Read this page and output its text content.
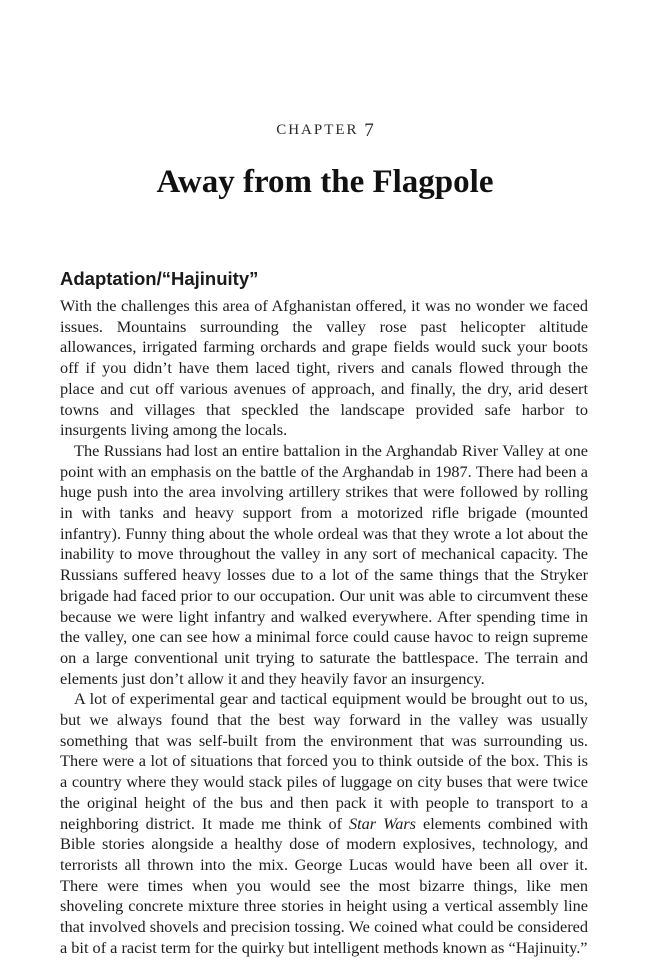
CHAPTER 7
Away from the Flagpole
Adaptation/“Hajinuity”

With the challenges this area of Afghanistan offered, it was no wonder we faced issues. Mountains surrounding the valley rose past helicopter altitude allowances, irrigated farming orchards and grape fields would suck your boots off if you didn’t have them laced tight, rivers and canals flowed through the place and cut off various avenues of approach, and finally, the dry, arid desert towns and villages that speckled the landscape provided safe harbor to insurgents living among the locals.

The Russians had lost an entire battalion in the Arghandab River Valley at one point with an emphasis on the battle of the Arghandab in 1987. There had been a huge push into the area involving artillery strikes that were followed by rolling in with tanks and heavy support from a motorized rifle brigade (mounted infantry). Funny thing about the whole ordeal was that they wrote a lot about the inability to move throughout the valley in any sort of mechanical capacity. The Russians suffered heavy losses due to a lot of the same things that the Stryker brigade had faced prior to our occupation. Our unit was able to circumvent these because we were light infantry and walked everywhere. After spending time in the valley, one can see how a minimal force could cause havoc to reign supreme on a large conventional unit trying to saturate the battlespace. The terrain and elements just don’t allow it and they heavily favor an insurgency.

A lot of experimental gear and tactical equipment would be brought out to us, but we always found that the best way forward in the valley was usually something that was self-built from the environment that was surrounding us. There were a lot of situations that forced you to think outside of the box. This is a country where they would stack piles of luggage on city buses that were twice the original height of the bus and then pack it with people to transport to a neighboring district. It made me think of Star Wars elements combined with Bible stories alongside a healthy dose of modern explosives, technology, and terrorists all thrown into the mix. George Lucas would have been all over it. There were times when you would see the most bizarre things, like men shoveling concrete mixture three stories in height using a vertical assembly line that involved shovels and precision tossing. We coined what could be considered a bit of a racist term for the quirky but intelligent methods known as “Hajinuity.”
